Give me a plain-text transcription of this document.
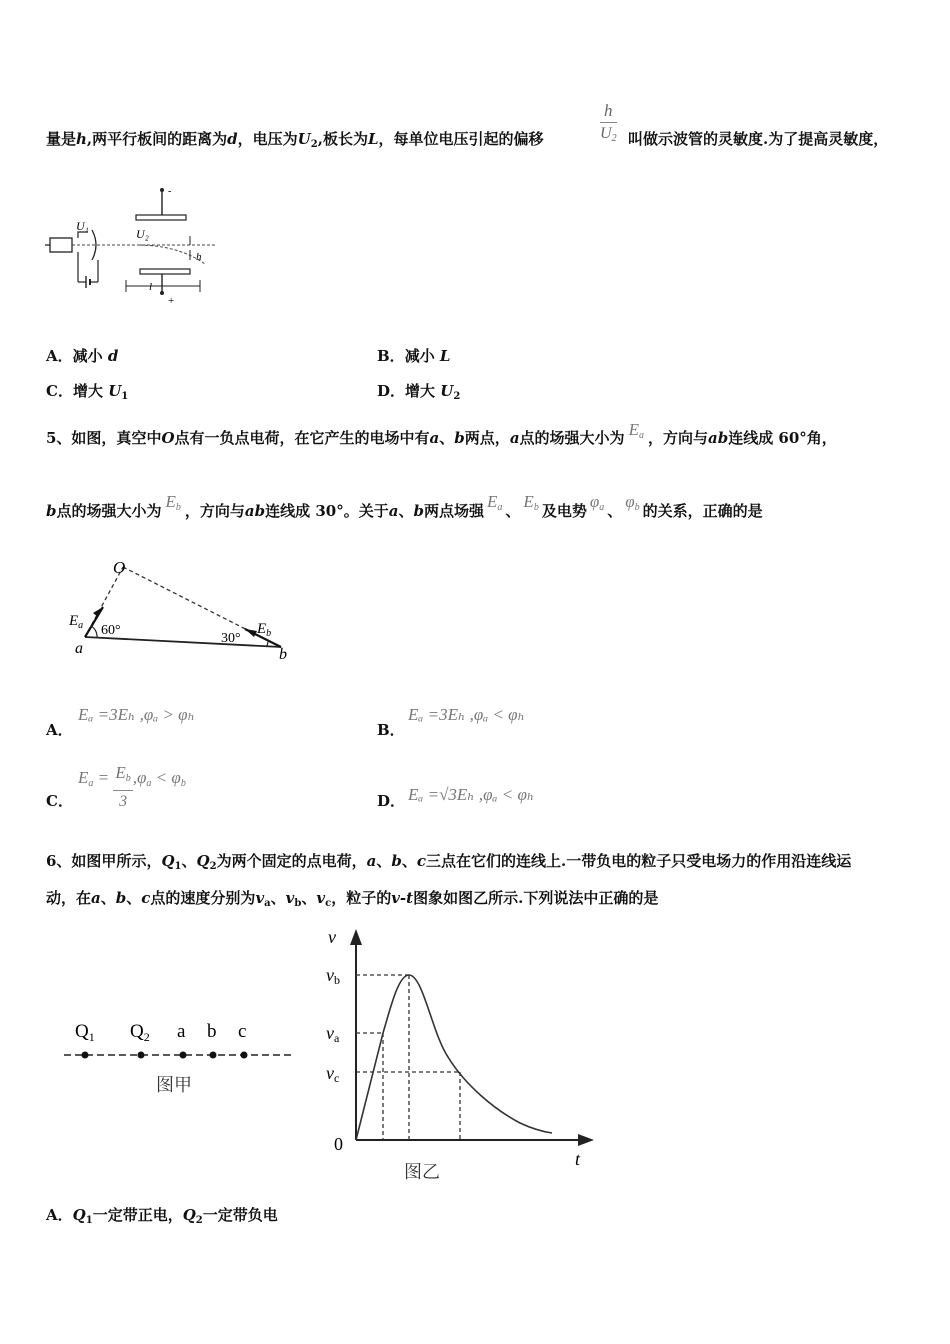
量是h,两平行板间的距离为d，电压为$U_2$,板长为L，每单位电压引起的偏移	$\frac{h}{U_2}$ 叫做示波管的灵敏度.为了提高灵敏度，
-
+
U₁
U₂
h
l
A．减小 d	B．减小 L
C．增大 $U_1$	D．增大 $U_2$
5、如图，真空中O点有一负点电荷，在它产生的电场中有a、b两点，a点的场强大小为 $E_a$ ，方向与ab连线成 60°角，
b点的场强大小为 $E_b$ ，方向与ab连线成 30°。关于a、b两点场强 $E_a$ 、 $E_b$ 及电势 $\varphi_a$ 、 $\varphi_b$ 的关系，正确的是
O
$E_a$ 60°
30°
$E_b$
a	b
A．
Eₐ =3Eₕ ,φₐ > φₕ
B．
Eₐ =3Eₕ ,φₐ < φₕ
C．
$E_a = \frac{E_b}{3} ,\varphi_a < \varphi_b$
D． Eₐ =√3Eₕ ,φₐ < φₕ
6、如图甲所示，$Q_1$、$Q_2$为两个固定的点电荷，a、b、c三点在它们的连线上.一带负电的粒子只受电场力的作用沿连线运
动，在a、b、c点的速度分别为$v_a$、$v_b$、$v_c$，粒子的v-t图象如图乙所示.下列说法中正确的是
$Q_1$ $Q_2$ a b c
图甲
v
t
0
vb
va
vc
图乙
A．$Q_1$一定带正电，$Q_2$一定带负电
